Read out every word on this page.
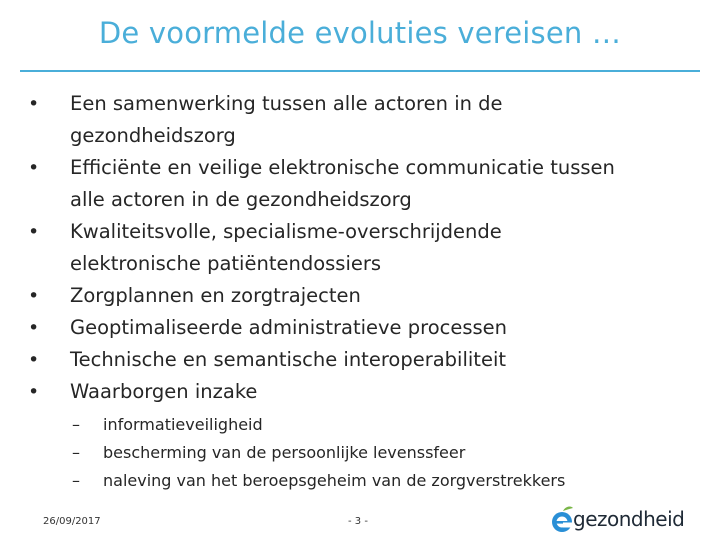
De voormelde evoluties vereisen …
•	Een samenwerking tussen alle actoren in de
gezondheidszorg
•	Efficiënte en veilige elektronische communicatie tussen
alle actoren in de gezondheidszorg
•	Kwaliteitsvolle, specialisme-overschrijdende
elektronische patiëntendossiers
•	Zorgplannen en zorgtrajecten
•	Geoptimaliseerde administratieve processen
•	Technische en semantische interoperabiliteit
•	Waarborgen inzake
– informatieveiligheid
– bescherming van de persoonlijke levenssfeer
– naleving van het beroepsgeheim van de zorgverstrekkers
26/09/2017	- 3 -	gezondheid
